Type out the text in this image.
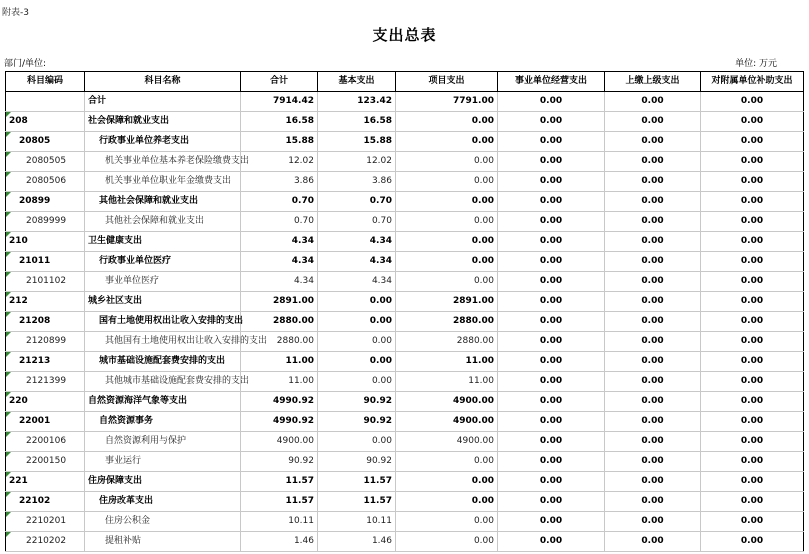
附表-3
支出总表
部门/单位:	单位: 万元
科目编码	科目名称	合计	基本支出	项目支出	事业单位经营支出	上缴上级支出	对附属单位补助支出
	合计	7914.42	123.42	7791.00	0.00	0.00	0.00
208	社会保障和就业支出	16.58	16.58	0.00	0.00	0.00	0.00
20805	行政事业单位养老支出	15.88	15.88	0.00	0.00	0.00	0.00
2080505	机关事业单位基本养老保险缴费支出	12.02	12.02	0.00	0.00	0.00	0.00
2080506	机关事业单位职业年金缴费支出	3.86	3.86	0.00	0.00	0.00	0.00
20899	其他社会保障和就业支出	0.70	0.70	0.00	0.00	0.00	0.00
2089999	其他社会保障和就业支出	0.70	0.70	0.00	0.00	0.00	0.00
210	卫生健康支出	4.34	4.34	0.00	0.00	0.00	0.00
21011	行政事业单位医疗	4.34	4.34	0.00	0.00	0.00	0.00
2101102	事业单位医疗	4.34	4.34	0.00	0.00	0.00	0.00
212	城乡社区支出	2891.00	0.00	2891.00	0.00	0.00	0.00
21208	国有土地使用权出让收入安排的支出	2880.00	0.00	2880.00	0.00	0.00	0.00
2120899	其他国有土地使用权出让收入安排的支出	2880.00	0.00	2880.00	0.00	0.00	0.00
21213	城市基础设施配套费安排的支出	11.00	0.00	11.00	0.00	0.00	0.00
2121399	其他城市基础设施配套费安排的支出	11.00	0.00	11.00	0.00	0.00	0.00
220	自然资源海洋气象等支出	4990.92	90.92	4900.00	0.00	0.00	0.00
22001	自然资源事务	4990.92	90.92	4900.00	0.00	0.00	0.00
2200106	自然资源利用与保护	4900.00	0.00	4900.00	0.00	0.00	0.00
2200150	事业运行	90.92	90.92	0.00	0.00	0.00	0.00
221	住房保障支出	11.57	11.57	0.00	0.00	0.00	0.00
22102	住房改革支出	11.57	11.57	0.00	0.00	0.00	0.00
2210201	住房公积金	10.11	10.11	0.00	0.00	0.00	0.00
2210202	提租补贴	1.46	1.46	0.00	0.00	0.00	0.00
